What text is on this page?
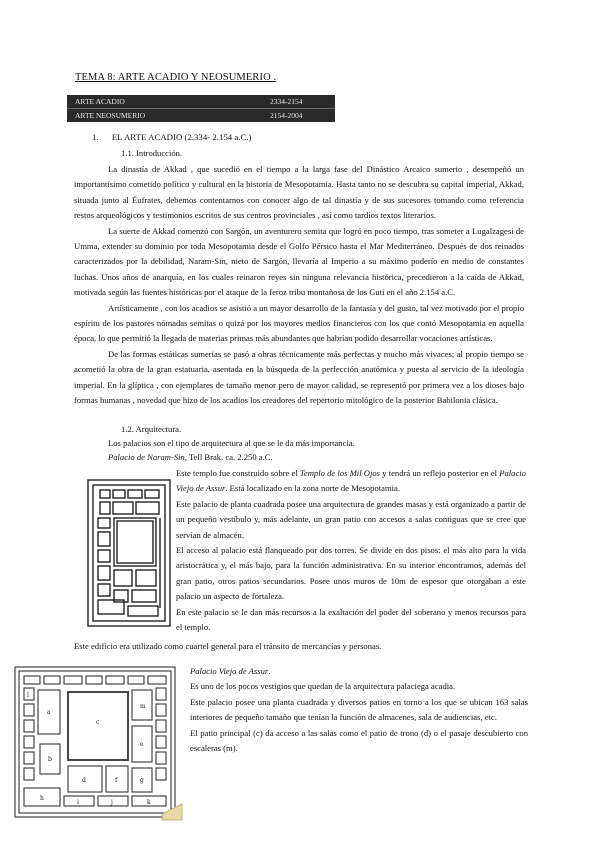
TEMA 8: ARTE ACADIO Y NEOSUMERIO .
ARTE ACADIO	2334-2154
ARTE NEOSUMERIO	2154-2004
1. EL ARTE ACADIO (2.334- 2.154 a.C.)
1.1. Introducción.
La dinastía de Akkad , que sucedió en el tiempo a la larga fase del Dinástico Arcaico sumerio , desempeñó un importantísimo cometido político y cultural en la historia de Mesopotamia. Hasta tanto no se descubra su capital imperial, Akkad, situada junto al Éufrates, debemos contentarnos con conocer algo de tal dinastía y de sus sucesores tomando como referencia restos arqueológicos y testimonios escritos de sus centros provinciales , así como tardíos textos literarios.
La suerte de Akkad comenzó con Sargón, un aventurero semita que logró en poco tiempo, tras someter a Lugalzagesi de Umma, extender su dominio por toda Mesopotamia desde el Golfo Pérsico hasta el Mar Mediterráneo. Después de dos reinados caracterizados por la debilidad, Naram-Sin, nieto de Sargón, llevaría al Imperio a su máximo poderío en medio de constantes luchas. Unos años de anarquía, en los cuales reinaron reyes sin ninguna relevancia histórica, precedieron a la caída de Akkad, motivada según las fuentes históricas por el ataque de la feroz tribu montañosa de los Guti en el año 2.154 a.C.
Artísticamente , con los acadios se asistió a un mayor desarrollo de la fantasía y del gusto, tal vez motivado por el propio espíritu de los pastores nómadas semitas o quizá por los mayores medios financieros con los que contó Mesopotamia en aquella época, lo que permitió la llegada de materias primas más abundantes que habrían podido desarrollar vocaciones artísticas.
De las formas estáticas sumerias se pasó a obras técnicamente más perfectas y mucho más vivaces; al propio tiempo se acometió la obra de la gran estatuaria, asentada en la búsqueda de la perfección anatómica y puesta al servicio de la ideología imperial. En la glíptica , con ejemplares de tamaño menor pero de mayor calidad, se representó por primera vez a los dioses bajo formas humanas , novedad que hizo de los acadios los creadores del repertorio mitológico de la posterior Babilonia clásica.
1.2. Arquitectura.
Los palacios son el tipo de arquitectura al que se le da más importancia.
Palacio de Naram-Sin, Tell Brak. ca. 2.250 a.C.
Este templo fue construido sobre el Templo de los Mil Ojos y tendrá un reflejo posterior en el Palacio Viejo de Assur. Está localizado en la zona norte de Mesopotamia.
Este palacio de planta cuadrada posee una arquitectura de grandes masas y está organizado a partir de un pequeño vestíbulo y, más adelante, un gran patio con accesos a salas contiguas que se cree que servían de almacén.
El acceso al palacio está flanqueado por dos torres. Se divide en dos pisos: el más alto para la vida aristocrática y, el más bajo, para la función administrativa. En su interior encontramos, además del gran patio, otros patios secundarios. Posee unos muros de 10m de espesor que otorgaban a este palacio un aspecto de fortaleza.
En este palacio se le dan más recursos a la exaltación del poder del soberano y menos recursos para el templo.
Este edificio era utilizado como cuartel general para el tránsito de mercancías y personas.
c
d
m
a
b
e
f	g
h
i	j	k
l
Palacio Viejo de Assur.
Es uno de los pocos vestigios que quedan de la arquitectura palaciega acadia.
Este palacio posee una planta cuadrada y diversos patios en torno a los que se ubican 163 salas interiores de pequeño tamaño que tenían la función de almacenes, sala de audiencias, etc.
El patio principal (c) da acceso a las salas como el patio de trono (d) o el pasaje descubierto con escaleras (m).
